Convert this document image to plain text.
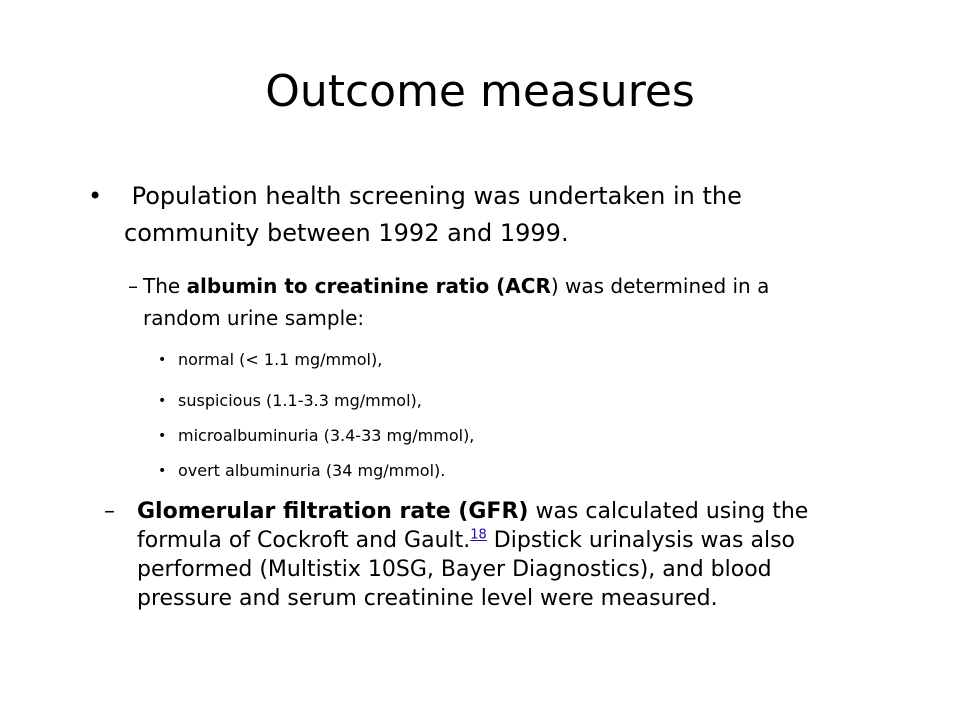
Outcome measures
• Population health screening was undertaken in the
community between 1992 and 1999.
– The albumin to creatinine ratio (ACR) was determined in a
random urine sample:
• normal (< 1.1 mg/mmol),
• suspicious (1.1-3.3 mg/mmol),
• microalbuminuria (3.4-33 mg/mmol),
• overt albuminuria (34 mg/mmol).
– Glomerular filtration rate (GFR) was calculated using the
formula of Cockroft and Gault.$^{18}$ Dipstick urinalysis was also
performed (Multistix 10SG, Bayer Diagnostics), and blood
pressure and serum creatinine level were measured.
